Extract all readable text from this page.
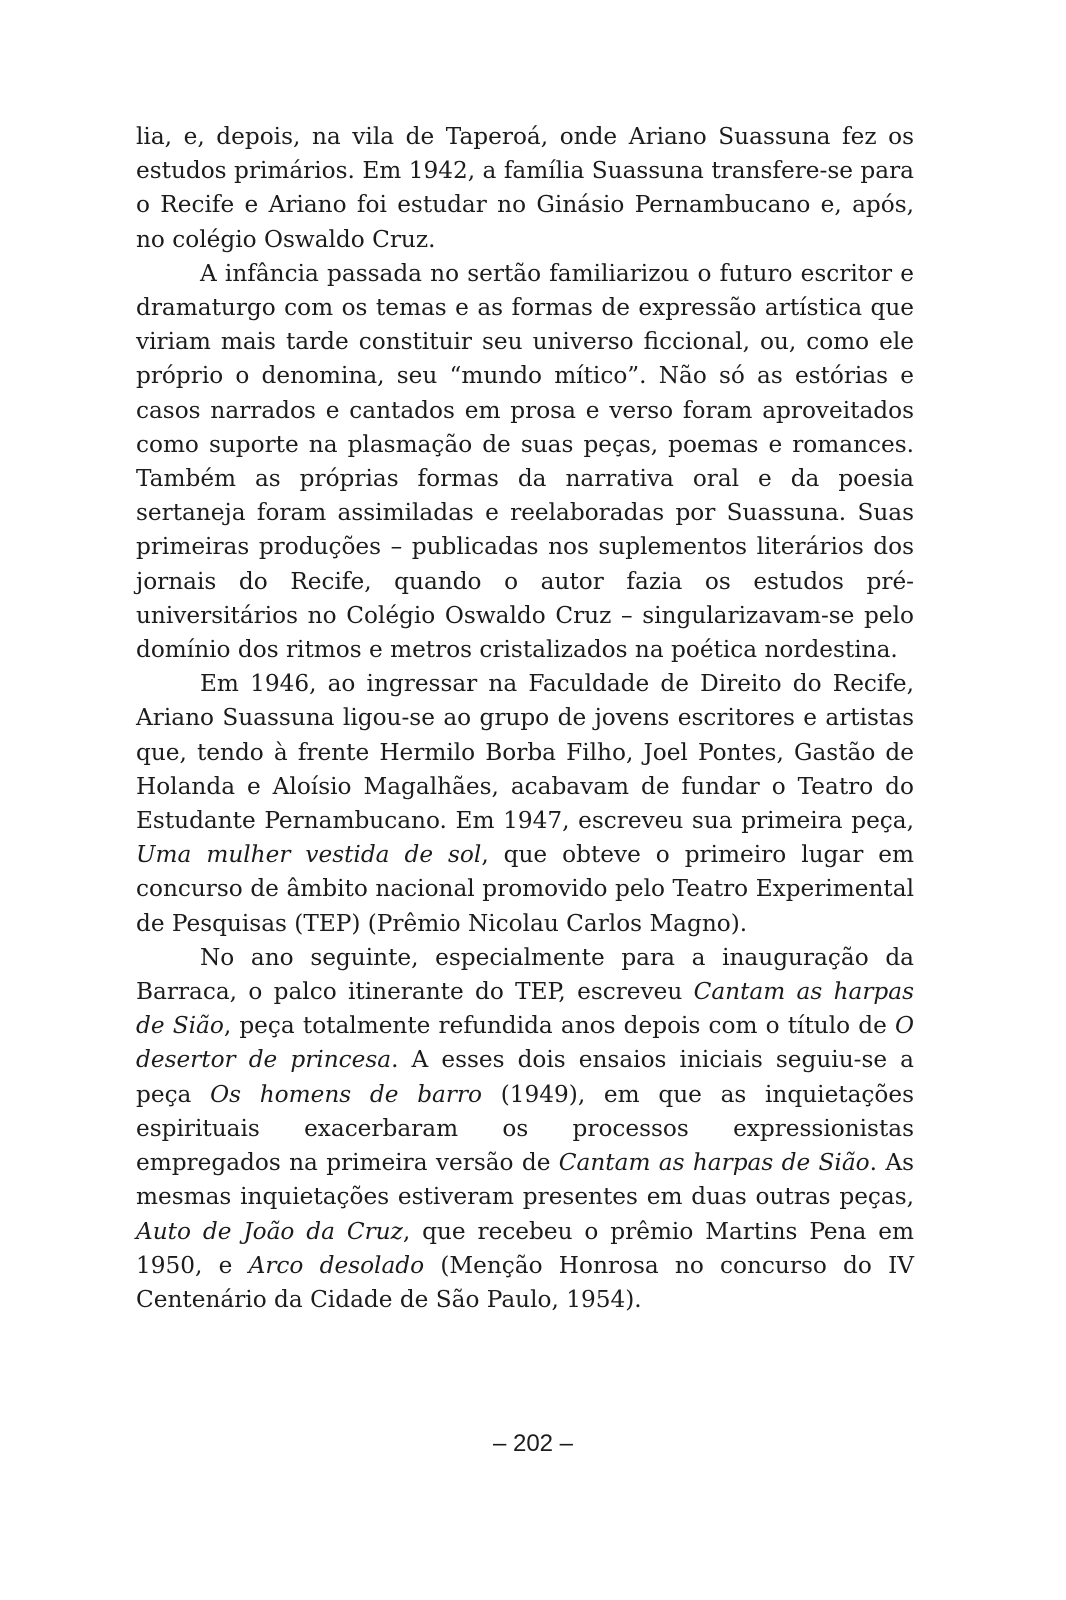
lia, e, depois, na vila de Taperoá, onde Ariano Suassuna fez os estudos primários. Em 1942, a família Suassuna transfere-se para o Recife e Ariano foi estudar no Ginásio Pernambucano e, após, no colégio Oswaldo Cruz.

A infância passada no sertão familiarizou o futuro escritor e dramaturgo com os temas e as formas de expressão artística que viriam mais tarde constituir seu universo ficcional, ou, como ele próprio o denomina, seu “mundo mítico”. Não só as estórias e casos narrados e cantados em prosa e verso foram aproveitados como suporte na plasmação de suas peças, poemas e romances. Também as próprias formas da narrativa oral e da poesia sertaneja foram assimiladas e reelaboradas por Suassuna. Suas primeiras produções – publicadas nos suplementos literários dos jornais do Recife, quando o autor fazia os estudos pré-universitários no Colégio Oswaldo Cruz – singularizavam-se pelo domínio dos ritmos e metros cristalizados na poética nordestina.

Em 1946, ao ingressar na Faculdade de Direito do Recife, Ariano Suassuna ligou-se ao grupo de jovens escritores e artistas que, tendo à frente Hermilo Borba Filho, Joel Pontes, Gastão de Holanda e Aloísio Magalhães, acabavam de fundar o Teatro do Estudante Pernambucano. Em 1947, escreveu sua primeira peça, Uma mulher vestida de sol, que obteve o primeiro lugar em concurso de âmbito nacional promovido pelo Teatro Experimental de Pesquisas (TEP) (Prêmio Nicolau Carlos Magno).

No ano seguinte, especialmente para a inauguração da Barraca, o palco itinerante do TEP, escreveu Cantam as harpas de Sião, peça totalmente refundida anos depois com o título de O desertor de princesa. A esses dois ensaios iniciais seguiu-se a peça Os homens de barro (1949), em que as inquietações espirituais exacerbaram os processos expressionistas empregados na primeira versão de Cantam as harpas de Sião. As mesmas inquietações estiveram presentes em duas outras peças, Auto de João da Cruz, que recebeu o prêmio Martins Pena em 1950, e Arco desolado (Menção Honrosa no concurso do IV Centenário da Cidade de São Paulo, 1954).

– 202 –
